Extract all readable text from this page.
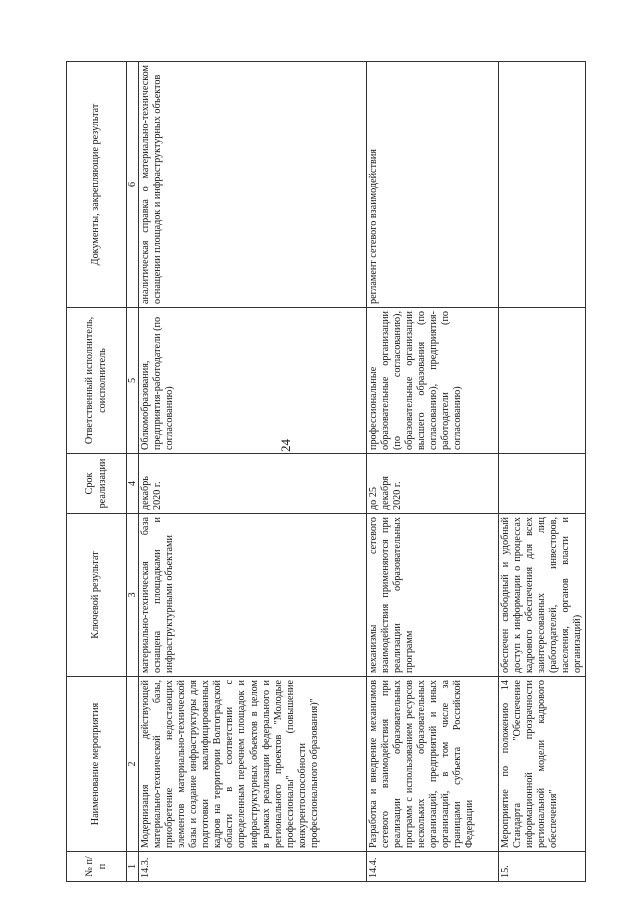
24
№ п/п	Наименование мероприятия	Ключевой результат	Срок реализации	Ответственный исполнитель, соисполнитель	Документы, закрепляющие результат
1	2	3	4	5	6
14.3.	Модернизация действующей материально-технической базы, приобретение недостающих элементов материально-технической базы и создание инфраструктуры для подготовки квалифицированных кадров на территории Волгоградской области в соответствии с определенным перечнем площадок и инфраструктурных объектов в целом в рамках реализации федерального и регионального проектов "Молодые профессионалы" (повышение конкурентоспособности профессионального образования)"	материально-техническая база оснащена площадками и инфраструктурными объектами	декабрь 2020 г.	Облкомобразования, предприятия-работодатели (по согласованию)	аналитическая справка о материально-техническом оснащении площадок и инфраструктурных объектов
14.4.	Разработка и внедрение механизмов сетевого взаимодействия при реализации образовательных программ с использованием ресурсов нескольких образовательных организаций, предприятий и иных организаций, в том числе за границами субъекта Российской Федерации	механизмы сетевого взаимодействия применяются при реализации образовательных программ	до 25 декабря 2020 г.	профессиональные образовательные организации (по согласованию), образовательные организации высшего образования (по согласованию), предприятия-работодатели (по согласованию)	регламент сетевого взаимодействия
15.	Мероприятие по положению 14 Стандарта "Обеспечение информационной прозрачности региональной модели кадрового обеспечения"	обеспечен свободный и удобный доступ к информации о процессах кадрового обеспечения для всех заинтересованных лиц (работодателей, инвесторов, населения, органов власти и организаций)			
